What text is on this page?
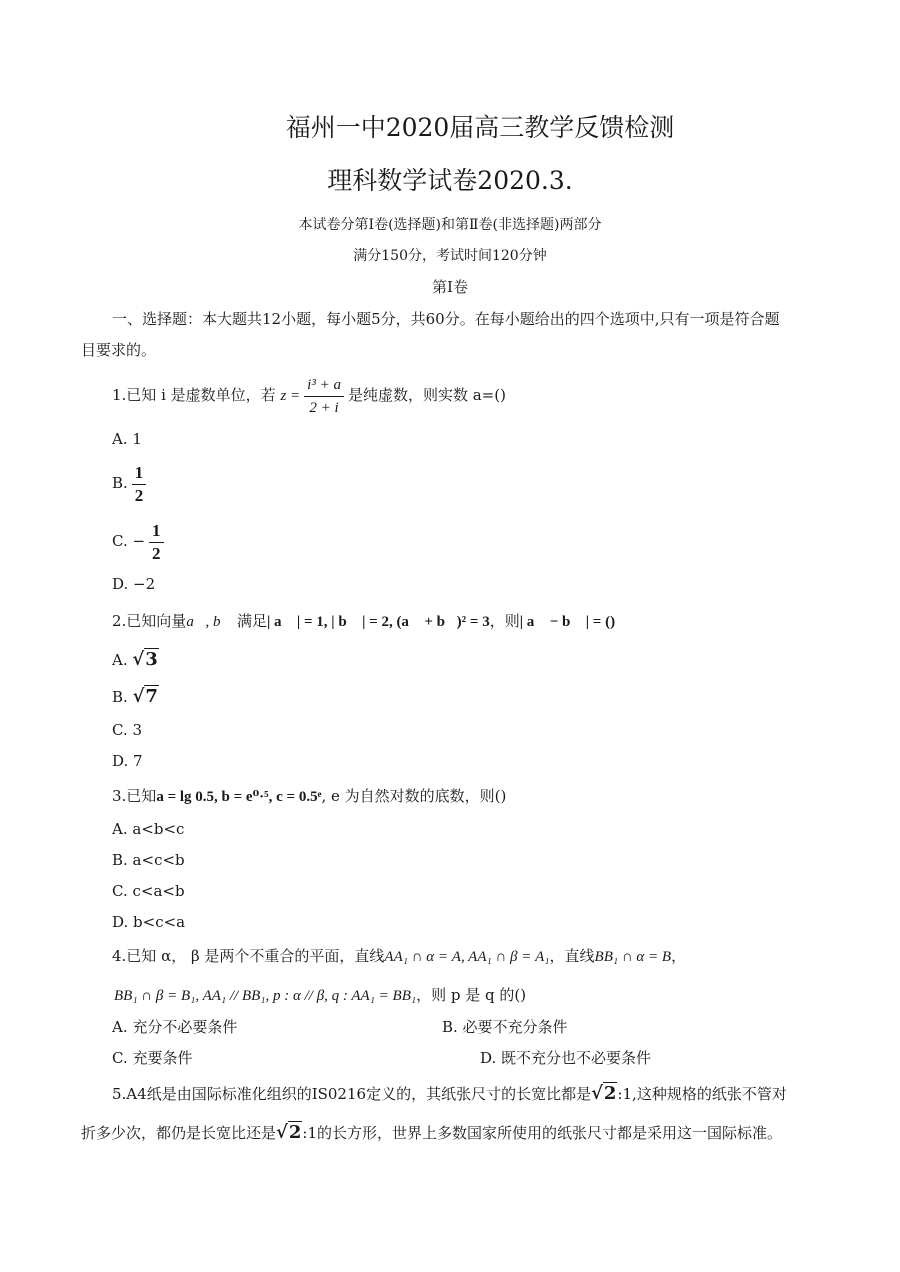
福州一中2020届高三教学反馈检测
理科数学试卷2020.3.
本试卷分第Ⅰ卷(选择题)和第Ⅱ卷(非选择题)两部分
满分150分，考试时间120分钟
第Ⅰ卷
一、选择题：本大题共12小题，每小题5分，共60分。在每小题给出的四个选项中,只有一项是符合题
目要求的。
1.已知 i 是虚数单位，若 $z = \frac{\text{i³ + a}}{2 + i}$ 是纯虚数，则实数 a=()
A. 1
B. $\frac{1}{2}$
C. − $\frac{1}{2}$
D. −2
2.已知向量a⃗, b⃗ 满足| a⃗ | = 1, | b⃗ | = 2, (a⃗ + b⃗)² = 3，则| a⃗ − b⃗ | = ()
A. √3
B. √7
C. 3
D. 7
3.已知a = lg 0.5, b = e⁰·⁵, c = 0.5ᵉ, e 为自然对数的底数，则()
A. a<b<c
B. a<c<b
C. c<a<b
D. b<c<a
4.已知 α， β 是两个不重合的平面，直线AA₁ ∩ α = A, AA₁ ∩ β = A₁，直线BB₁ ∩ α = B，
BB₁ ∩ β = B₁, AA₁ // BB₁, p : α // β, q : AA₁ = BB₁，则 p 是 q 的()
A. 充分不必要条件	B. 必要不充分条件
C. 充要条件	D. 既不充分也不必要条件
5.A4纸是由国际标准化组织的IS0216定义的，其纸张尺寸的长宽比都是√2:1,这种规格的纸张不管对
折多少次，都仍是长宽比还是√2:1的长方形，世界上多数国家所使用的纸张尺寸都是采用这一国际标准。
